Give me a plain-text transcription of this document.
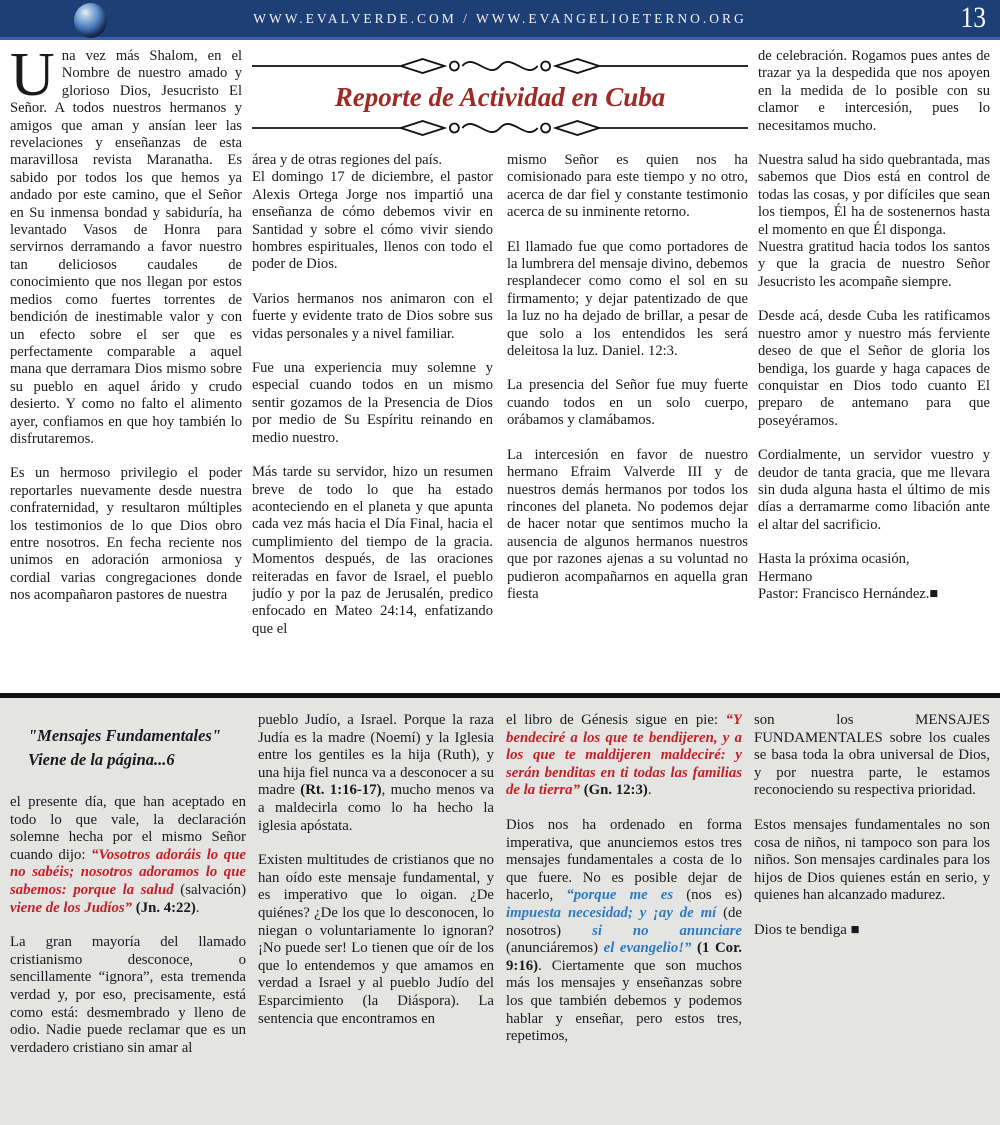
WWW.EVALVERDE.COM / WWW.EVANGELIOETERNO.ORG	13

Una vez más Shalom, en el Nombre de nuestro amado y glorioso Dios, Jesucristo El Señor. A todos nuestros hermanos y amigos que aman y ansían leer las revelaciones y enseñanzas de esta maravillosa revista Maranatha. Es sabido por todos los que hemos ya andado por este camino, que el Señor en Su inmensa bondad y sabiduría, ha levantado Vasos de Honra para servirnos derramando a favor nuestro tan deliciosos caudales de conocimiento que nos llegan por estos medios como fuertes torrentes de bendición de inestimable valor y con un efecto sobre el ser que es perfectamente comparable a aquel mana que derramara Dios mismo sobre su pueblo en aquel árido y crudo desierto. Y como no falto el alimento ayer, confiamos en que hoy también lo disfrutaremos.

Es un hermoso privilegio el poder reportarles nuevamente desde nuestra confraternidad, y resultaron múltiples los testimonios de lo que Dios obro entre nosotros. En fecha reciente nos unimos en adoración armoniosa y cordial varias congregaciones donde nos acompañaron pastores de nuestra

Reporte de Actividad en Cuba

área y de otras regiones del país.

El domingo 17 de diciembre, el pastor Alexis Ortega Jorge nos impartió una enseñanza de cómo debemos vivir en Santidad y sobre el cómo vivir siendo hombres espirituales, llenos con todo el poder de Dios.

Varios hermanos nos animaron con el fuerte y evidente trato de Dios sobre sus vidas personales y a nivel familiar.

Fue una experiencia muy solemne y especial cuando todos en un mismo sentir gozamos de la Presencia de Dios por medio de Su Espíritu reinando en medio nuestro.

Más tarde su servidor, hizo un resumen breve de todo lo que ha estado aconteciendo en el planeta y que apunta cada vez más hacia el Día Final, hacia el cumplimiento del tiempo de la gracia. Momentos después, de las oraciones reiteradas en favor de Israel, el pueblo judío y por la paz de Jerusalén, predico enfocado en Mateo 24:14, enfatizando que el

mismo Señor es quien nos ha comisionado para este tiempo y no otro, acerca de dar fiel y constante testimonio acerca de su inminente retorno.

El llamado fue que como portadores de la lumbrera del mensaje divino, debemos resplandecer como como el sol en su firmamento; y dejar patentizado de que la luz no ha dejado de brillar, a pesar de que solo a los entendidos les será deleitosa la luz. Daniel. 12:3.

La presencia del Señor fue muy fuerte cuando todos en un solo cuerpo, orábamos y clamábamos.

La intercesión en favor de nuestro hermano Efraim Valverde III y de nuestros demás hermanos por todos los rincones del planeta. No podemos dejar de hacer notar que sentimos mucho la ausencia de algunos hermanos nuestros que por razones ajenas a su voluntad no pudieron acompañarnos en aquella gran fiesta

de celebración. Rogamos pues antes de trazar ya la despedida que nos apoyen en la medida de lo posible con su clamor e intercesión, pues lo necesitamos mucho.

Nuestra salud ha sido quebrantada, mas sabemos que Dios está en control de todas las cosas, y por difíciles que sean los tiempos, Él ha de sostenernos hasta el momento en que Él disponga.

Nuestra gratitud hacia todos los santos y que la gracia de nuestro Señor Jesucristo les acompañe siempre.

Desde acá, desde Cuba les ratificamos nuestro amor y nuestro más ferviente deseo de que el Señor de gloria los bendiga, los guarde y haga capaces de conquistar en Dios todo cuanto El preparo de antemano para que poseyéramos.

Cordialmente, un servidor vuestro y deudor de tanta gracia, que me llevara sin duda alguna hasta el último de mis días a derramarme como libación ante el altar del sacrificio.

Hasta la próxima ocasión,

Hermano

Pastor: Francisco Hernández.■

"Mensajes Fundamentales"
Viene de la página...6

el presente día, que han aceptado en todo lo que vale, la declaración solemne hecha por el mismo Señor cuando dijo: “Vosotros adoráis lo que no sabéis; nosotros adoramos lo que sabemos: porque la salud (salvación) viene de los Judíos” (Jn. 4:22).

La gran mayoría del llamado cristianismo desconoce, o sencillamente “ignora”, esta tremenda verdad y, por eso, precisamente, está como está: desmembrado y lleno de odio. Nadie puede reclamar que es un verdadero cristiano sin amar al

pueblo Judío, a Israel. Porque la raza Judía es la madre (Noemí) y la Iglesia entre los gentiles es la hija (Ruth), y una hija fiel nunca va a desconocer a su madre (Rt. 1:16-17), mucho menos va a maldecirla como lo ha hecho la iglesia apóstata.

Existen multitudes de cristianos que no han oído este mensaje fundamental, y es imperativo que lo oigan. ¿De quiénes? ¿De los que lo desconocen, lo niegan o voluntariamente lo ignoran? ¡No puede ser! Lo tienen que oír de los que lo entendemos y que amamos en verdad a Israel y al pueblo Judío del Esparcimiento (la Diáspora). La sentencia que encontramos en

el libro de Génesis sigue en pie: “Y bendeciré a los que te bendijeren, y a los que te maldijeren maldeciré: y serán benditas en ti todas las familias de la tierra” (Gn. 12:3).

Dios nos ha ordenado en forma imperativa, que anunciemos estos tres mensajes fundamentales a costa de lo que fuere. No es posible dejar de hacerlo, “porque me es (nos es) impuesta necesidad; y ¡ay de mí (de nosotros) si no anunciare (anunciáremos) el evangelio!” (1 Cor. 9:16). Ciertamente que son muchos más los mensajes y enseñanzas sobre los que también debemos y podemos hablar y enseñar, pero estos tres, repetimos,

son los MENSAJES FUNDAMENTALES sobre los cuales se basa toda la obra universal de Dios, y por nuestra parte, le estamos reconociendo su respectiva prioridad.

Estos mensajes fundamentales no son cosa de niños, ni tampoco son para los niños. Son mensajes cardinales para los hijos de Dios quienes están en serio, y quienes han alcanzado madurez.

Dios te bendiga ■
